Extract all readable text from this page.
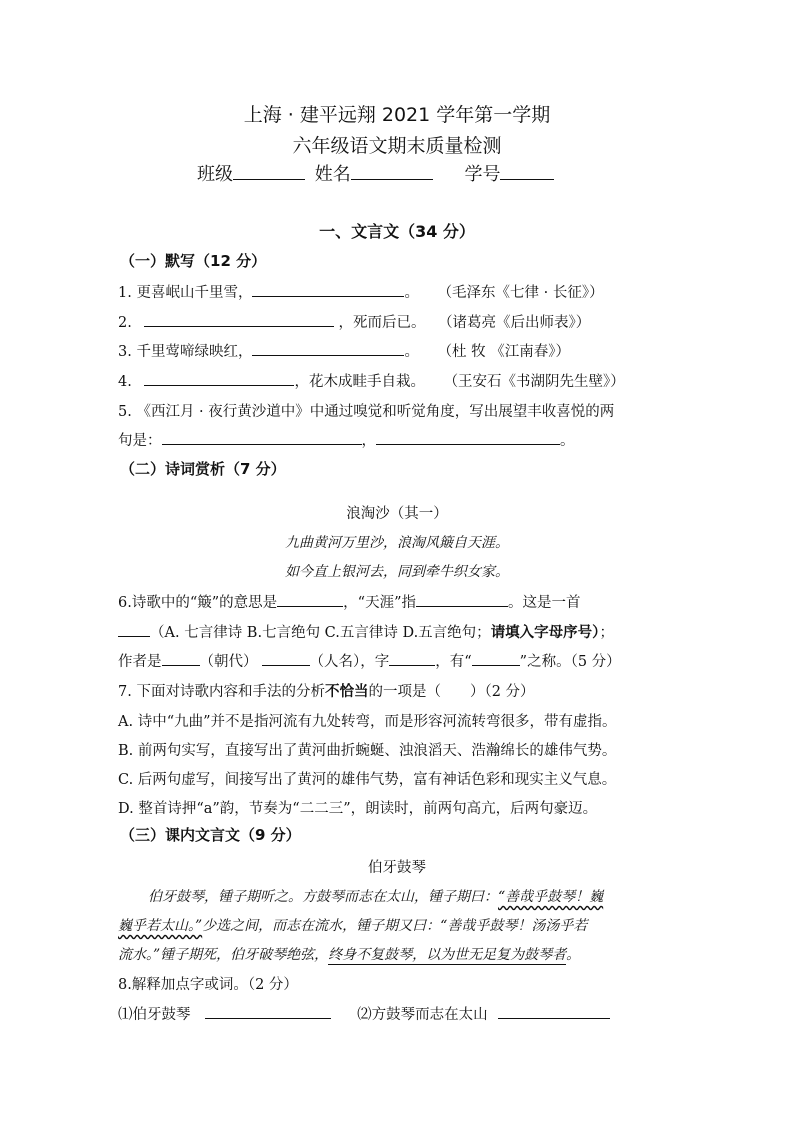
上海 · 建平远翔 2021 学年第一学期
六年级语文期末质量检测
班级	姓名	学号
一、文言文（34 分）
（一）默写（12 分）
1. 更喜岷山千里雪，	。 （毛泽东《七律 · 长征》）
2.	，死而后已。 （诸葛亮《后出师表》）
3. 千里莺啼绿映红，	。 （杜 牧 《江南春》）
4.	，花木成畦手自栽。 （王安石《书湖阴先生壁》）
5. 《西江月 · 夜行黄沙道中》中通过嗅觉和听觉角度，写出展望丰收喜悦的两
句是：	，	。
（二）诗词赏析（7 分）
浪淘沙（其一）
九曲黄河万里沙，浪淘风簸自天涯。
如今直上银河去，同到牵牛织女家。
6.诗歌中的“簸”的意思是	，“天涯”指	。这是一首
（A. 七言律诗 B.七言绝句 C.五言律诗 D.五言绝句；请填入字母序号）；
作者是	（朝代）	（人名），字	，有“	”之称。（5 分）
7. 下面对诗歌内容和手法的分析不恰当的一项是（　　）（2 分）
A. 诗中“九曲”并不是指河流有九处转弯，而是形容河流转弯很多，带有虚指。
B. 前两句实写，直接写出了黄河曲折蜿蜒、浊浪滔天、浩瀚绵长的雄伟气势。
C. 后两句虚写，间接写出了黄河的雄伟气势，富有神话色彩和现实主义气息。
D. 整首诗押“a”韵，节奏为“二二三”，朗读时，前两句高亢，后两句豪迈。
（三）课内文言文（9 分）
伯牙鼓琴
伯牙鼓琴，锺子期听之。方鼓琴而志在太山，锺子期曰：“善哉乎鼓琴！巍
巍乎若太山。”少选之间，而志在流水，锺子期又曰：“善哉乎鼓琴！汤汤乎若
流水。”锺子期死，伯牙破琴绝弦，终身不复鼓琴，以为世无足复为鼓琴者。
8.解释加点字或词。（2 分）
⑴伯牙鼓琴	⑵方鼓琴而志在太山
